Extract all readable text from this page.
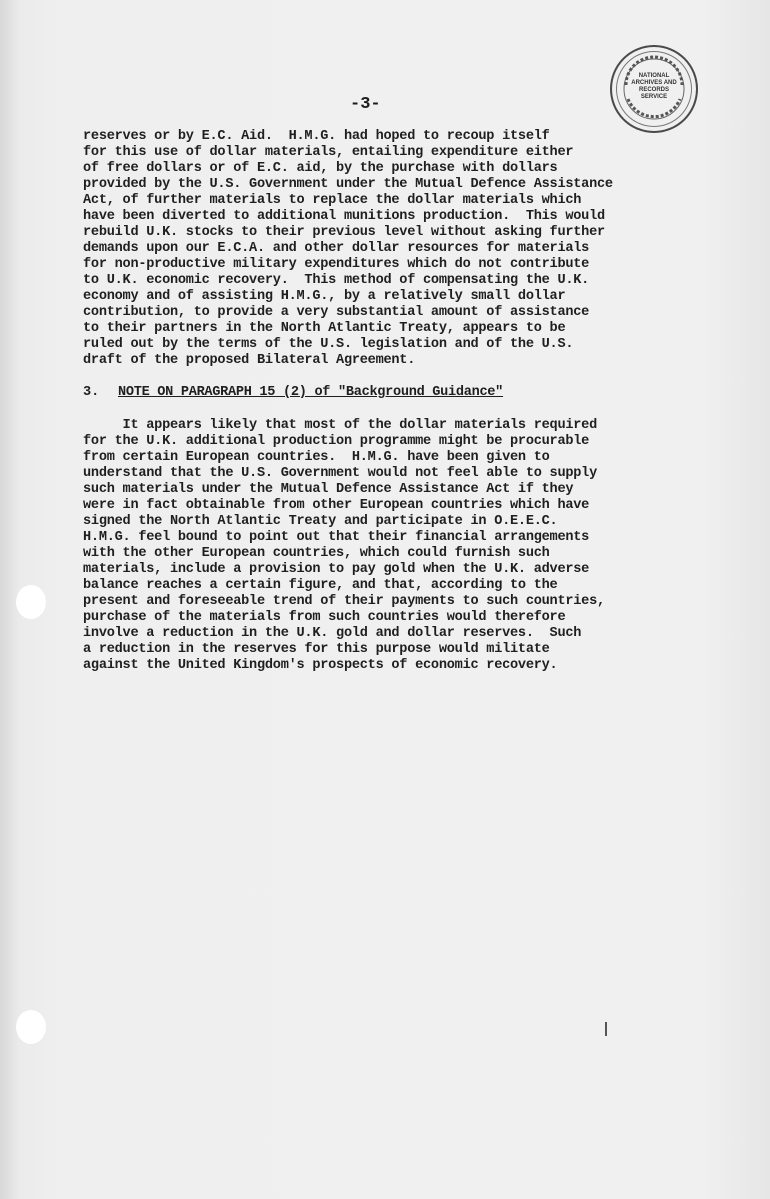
NATIONAL
ARCHIVES AND
RECORDS
SERVICE
-3-
reserves or by E.C. Aid.  H.M.G. had hoped to recoup itself
for this use of dollar materials, entailing expenditure either
of free dollars or of E.C. aid, by the purchase with dollars
provided by the U.S. Government under the Mutual Defence Assistance
Act, of further materials to replace the dollar materials which
have been diverted to additional munitions production.  This would
rebuild U.K. stocks to their previous level without asking further
demands upon our E.C.A. and other dollar resources for materials
for non-productive military expenditures which do not contribute
to U.K. economic recovery.  This method of compensating the U.K.
economy and of assisting H.M.G., by a relatively small dollar
contribution, to provide a very substantial amount of assistance
to their partners in the North Atlantic Treaty, appears to be
ruled out by the terms of the U.S. legislation and of the U.S.
draft of the proposed Bilateral Agreement.
3. NOTE ON PARAGRAPH 15 (2) of "Background Guidance"
It appears likely that most of the dollar materials required
for the U.K. additional production programme might be procurable
from certain European countries.  H.M.G. have been given to
understand that the U.S. Government would not feel able to supply
such materials under the Mutual Defence Assistance Act if they
were in fact obtainable from other European countries which have
signed the North Atlantic Treaty and participate in O.E.E.C.
H.M.G. feel bound to point out that their financial arrangements
with the other European countries, which could furnish such
materials, include a provision to pay gold when the U.K. adverse
balance reaches a certain figure, and that, according to the
present and foreseeable trend of their payments to such countries,
purchase of the materials from such countries would therefore
involve a reduction in the U.K. gold and dollar reserves.  Such
a reduction in the reserves for this purpose would militate
against the United Kingdom's prospects of economic recovery.
